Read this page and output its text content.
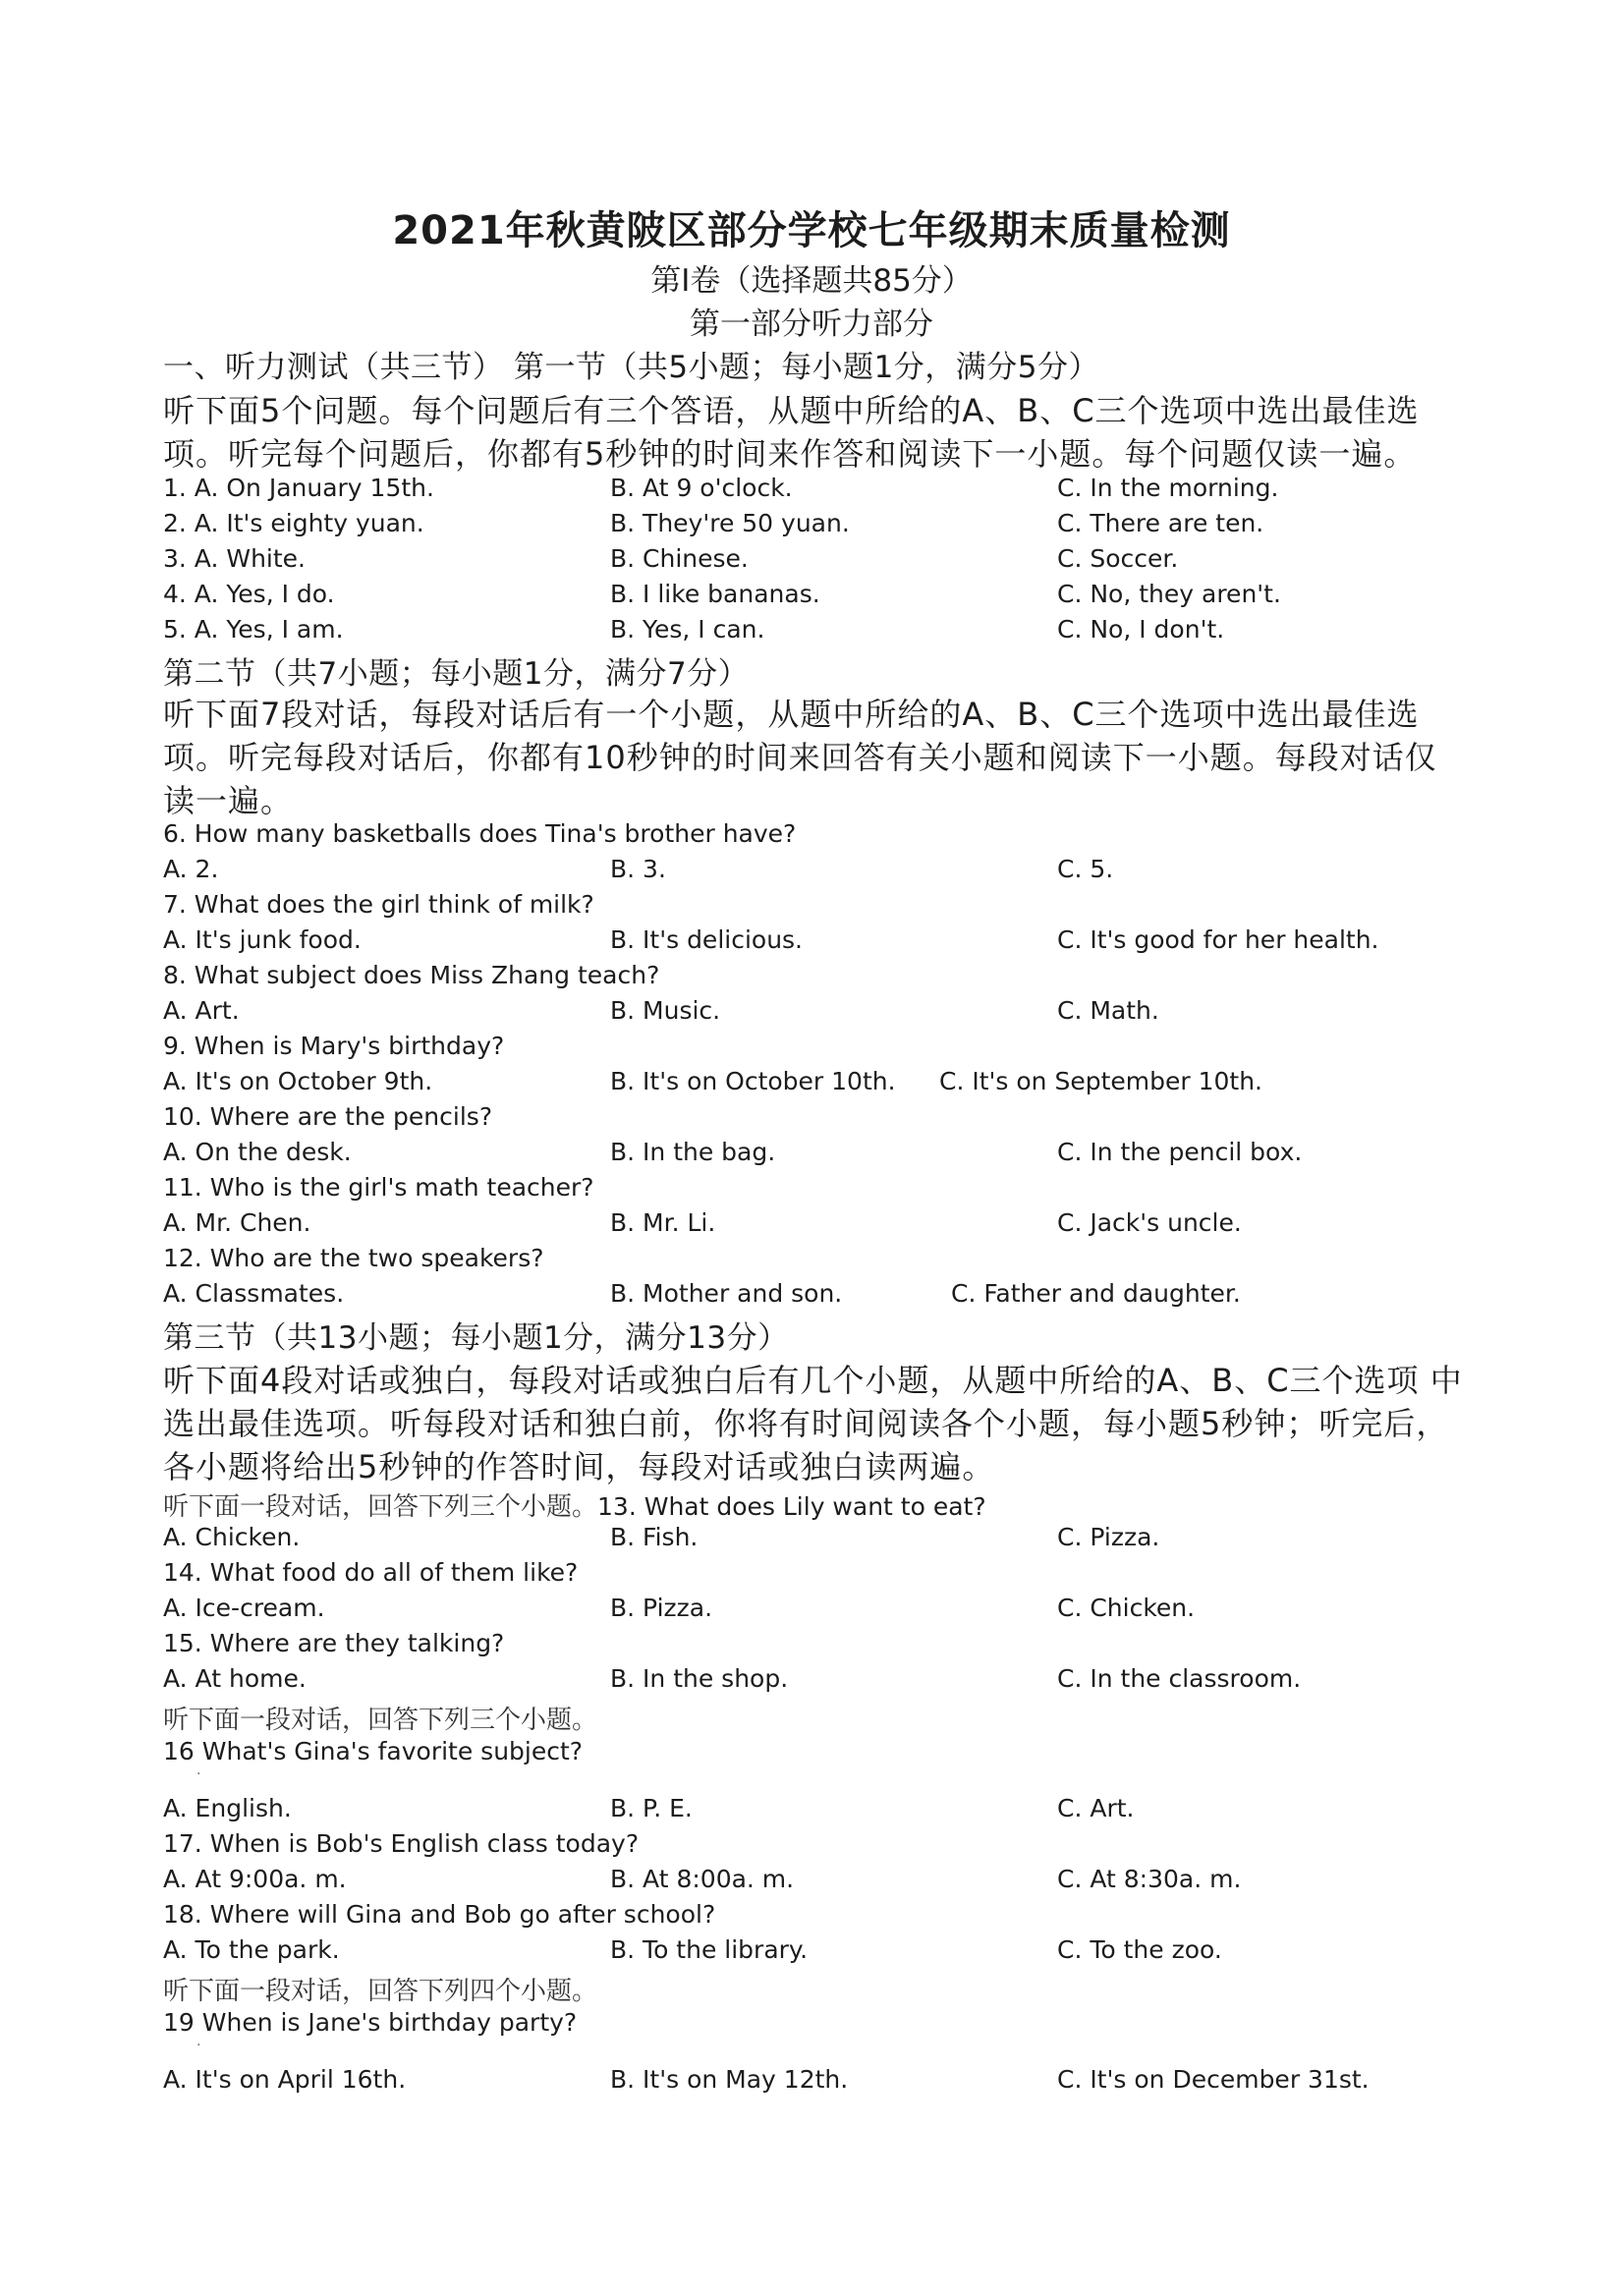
2021年秋黄陂区部分学校七年级期末质量检测
第Ⅰ卷（选择题共85分）
第一部分听力部分
一、听力测试（共三节） 第一节（共5小题；每小题1分，满分5分）
听下面5个问题。每个问题后有三个答语，从题中所给的A、B、C三个选项中选出最佳选
项。听完每个问题后，你都有5秒钟的时间来作答和阅读下一小题。每个问题仅读一遍。
1. A. On January 15th.	B. At 9 o'clock.	C. In the morning.
2. A. It's eighty yuan.	B. They're 50 yuan.	C. There are ten.
3. A. White.	B. Chinese.	C. Soccer.
4. A. Yes, I do.	B. I like bananas.	C. No, they aren't.
5. A. Yes, I am.	B. Yes, I can.	C. No, I don't.
第二节（共7小题；每小题1分，满分7分）
听下面7段对话，每段对话后有一个小题，从题中所给的A、B、C三个选项中选出最佳选
项。听完每段对话后，你都有10秒钟的时间来回答有关小题和阅读下一小题。每段对话仅
读一遍。
6. How many basketballs does Tina's brother have?
A. 2.	B. 3.	C. 5.
7. What does the girl think of milk?
A. It's junk food.	B. It's delicious.	C. It's good for her health.
8. What subject does Miss Zhang teach?
A. Art.	B. Music.	C. Math.
9. When is Mary's birthday?
A. It's on October 9th.	B. It's on October 10th. C. It's on September 10th.
10. Where are the pencils?
A. On the desk.	B. In the bag.	C. In the pencil box.
11. Who is the girl's math teacher?
A. Mr. Chen.	B. Mr. Li.	C. Jack's uncle.
12. Who are the two speakers?
A. Classmates.	B. Mother and son.	C. Father and daughter.
第三节（共13小题；每小题1分，满分13分）
听下面4段对话或独白，每段对话或独白后有几个小题，从题中所给的A、B、C三个选项 中
选出最佳选项。听每段对话和独白前，你将有时间阅读各个小题，每小题5秒钟；听完后，
各小题将给出5秒钟的作答时间，每段对话或独白读两遍。
听下面一段对话，回答下列三个小题。13. What does Lily want to eat?
A. Chicken.	B. Fish.	C. Pizza.
14. What food do all of them like?
A. Ice-cream.	B. Pizza.	C. Chicken.
15. Where are they talking?
A. At home.	B. In the shop.	C. In the classroom.
听下面一段对话，回答下列三个小题。
16 What's Gina's favorite subject?
·
A. English.	B. P. E.	C. Art.
17. When is Bob's English class today?
A. At 9:00a. m.	B. At 8:00a. m.	C. At 8:30a. m.
18. Where will Gina and Bob go after school?
A. To the park.	B. To the library.	C. To the zoo.
听下面一段对话，回答下列四个小题。
19 When is Jane's birthday party?
·
A. It's on April 16th.	B. It's on May 12th.	C. It's on December 31st.
